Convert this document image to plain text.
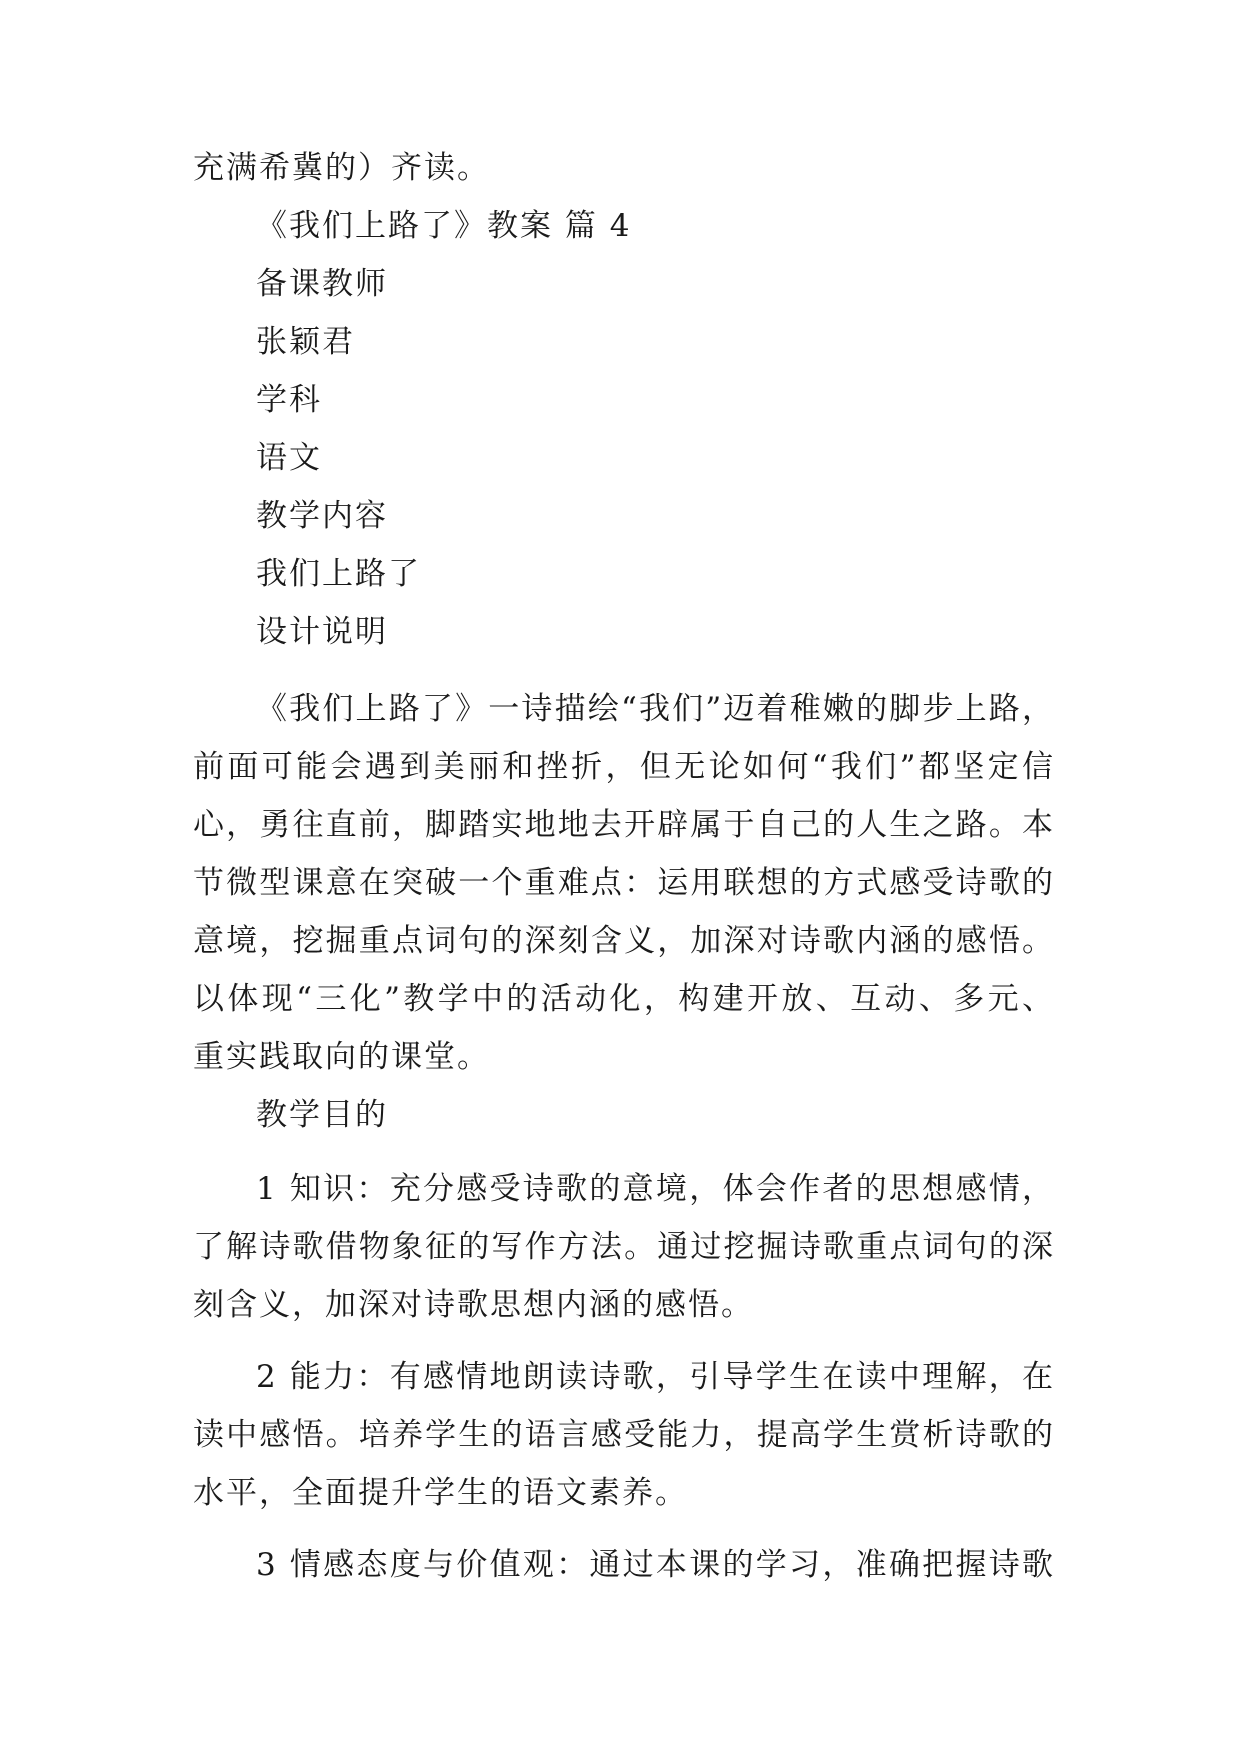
充满希冀的）齐读。
《我们上路了》教案 篇 4
备课教师
张颖君
学科
语文
教学内容
我们上路了
设计说明
《我们上路了》一诗描绘“我们”迈着稚嫩的脚步上路，
前面可能会遇到美丽和挫折，但无论如何“我们”都坚定信
心，勇往直前，脚踏实地地去开辟属于自己的人生之路。本
节微型课意在突破一个重难点：运用联想的方式感受诗歌的
意境，挖掘重点词句的深刻含义，加深对诗歌内涵的感悟。
以体现“三化”教学中的活动化，构建开放、互动、多元、
重实践取向的课堂。
教学目的
1 知识：充分感受诗歌的意境，体会作者的思想感情，
了解诗歌借物象征的写作方法。通过挖掘诗歌重点词句的深
刻含义，加深对诗歌思想内涵的感悟。
2 能力：有感情地朗读诗歌，引导学生在读中理解，在
读中感悟。培养学生的语言感受能力，提高学生赏析诗歌的
水平，全面提升学生的语文素养。
3 情感态度与价值观：通过本课的学习，准确把握诗歌
